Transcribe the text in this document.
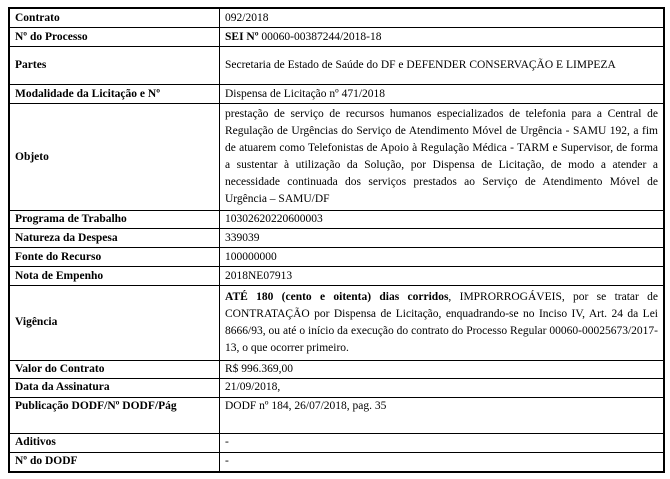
Contrato	092/2018
Nº do Processo	SEI Nº 00060-00387244/2018-18
Partes	Secretaria de Estado de Saúde do DF e DEFENDER CONSERVAÇÃO E LIMPEZA
Modalidade da Licitação e Nº	Dispensa de Licitação nº 471/2018
Objeto	prestação de serviço de recursos humanos especializados de telefonia para a Central de Regulação de Urgências do Serviço de Atendimento Móvel de Urgência - SAMU 192, a fim de atuarem como Telefonistas de Apoio à Regulação Médica - TARM e Supervisor, de forma a sustentar à utilização da Solução, por Dispensa de Licitação, de modo a atender a necessidade continuada dos serviços prestados ao Serviço de Atendimento Móvel de Urgência – SAMU/DF
Programa de Trabalho	10302620220600003
Natureza da Despesa	339039
Fonte do Recurso	100000000
Nota de Empenho	2018NE07913
Vigência	ATÉ 180 (cento e oitenta) dias corridos, IMPRORROGÁVEIS, por se tratar de CONTRATAÇÃO por Dispensa de Licitação, enquadrando-se no Inciso IV, Art. 24 da Lei 8666/93, ou até o início da execução do contrato do Processo Regular 00060-00025673/2017-13, o que ocorrer primeiro.
Valor do Contrato	R$ 996.369,00
Data da Assinatura	21/09/2018,
Publicação DODF/Nº DODF/Pág	DODF nº 184, 26/07/2018, pag. 35
Aditivos	-
Nº do DODF	-
